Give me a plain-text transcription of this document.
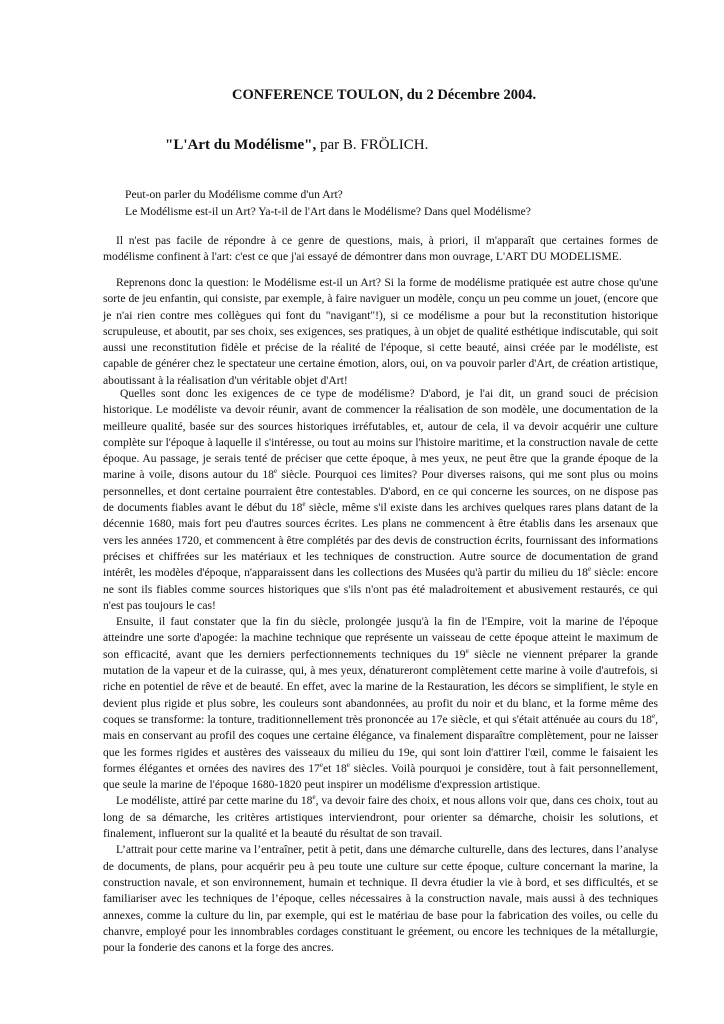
CONFERENCE TOULON, du 2 Décembre 2004.
"L'Art du Modélisme", par B. FRÖLICH.
Peut-on parler du Modélisme comme d'un Art?
Le Modélisme est-il un Art? Ya-t-il de l'Art dans le Modélisme? Dans quel Modélisme?

Il n'est pas facile de répondre à ce genre de questions, mais, à priori, il m'apparaît que certaines formes de modélisme confinent à l'art: c'est ce que j'ai essayé de démontrer dans mon ouvrage, L'ART DU MODELISME.

Reprenons donc la question: le Modélisme est-il un Art? Si la forme de modélisme pratiquée est autre chose qu'une sorte de jeu enfantin, qui consiste, par exemple, à faire naviguer un modèle, conçu un peu comme un jouet, (encore que je n'ai rien contre mes collègues qui font du "navigant"!), si ce modélisme a pour but la reconstitution historique scrupuleuse, et aboutit, par ses choix, ses exigences, ses pratiques, à un objet de qualité esthétique indiscutable, qui soit aussi une reconstitution fidèle et précise de la réalité de l'époque, si cette beauté, ainsi créée par le modéliste, est capable de générer chez le spectateur une certaine émotion, alors, oui, on va pouvoir parler d'Art, de création artistique, aboutissant à la réalisation d'un véritable objet d'Art!

Quelles sont donc les exigences de ce type de modélisme? D'abord, je l'ai dit, un grand souci de précision historique. Le modéliste va devoir réunir, avant de commencer la réalisation de son modèle, une documentation de la meilleure qualité, basée sur des sources historiques irréfutables, et, autour de cela, il va devoir acquérir une culture complète sur l'époque à laquelle il s'intéresse, ou tout au moins sur l'histoire maritime, et la construction navale de cette époque. Au passage, je serais tenté de préciser que cette époque, à mes yeux, ne peut être que la grande époque de la marine à voile, disons autour du 18e siècle. Pourquoi ces limites? Pour diverses raisons, qui me sont plus ou moins personnelles, et dont certaine pourraient être contestables. D'abord, en ce qui concerne les sources, on ne dispose pas de documents fiables avant le début du 18e siècle, même s'il existe dans les archives quelques rares plans datant de la décennie 1680, mais fort peu d'autres sources écrites. Les plans ne commencent à être établis dans les arsenaux que vers les années 1720, et commencent à être complétés par des devis de construction écrits, fournissant des informations précises et chiffrées sur les matériaux et les techniques de construction. Autre source de documentation de grand intérêt, les modèles d'époque, n'apparaissent dans les collections des Musées qu'à partir du milieu du 18e siècle: encore ne sont ils fiables comme sources historiques que s'ils n'ont pas été maladroitement et abusivement restaurés, ce qui n'est pas toujours le cas!

Ensuite, il faut constater que la fin du siècle, prolongée jusqu'à la fin de l'Empire, voit la marine de l'époque atteindre une sorte d'apogée: la machine technique que représente un vaisseau de cette époque atteint le maximum de son efficacité, avant que les derniers perfectionnements techniques du 19e siècle ne viennent préparer la grande mutation de la vapeur et de la cuirasse, qui, à mes yeux, dénatureront complètement cette marine à voile d'autrefois, si riche en potentiel de rêve et de beauté. En effet, avec la marine de la Restauration, les décors se simplifient, le style en devient plus rigide et plus sobre, les couleurs sont abandonnées, au profit du noir et du blanc, et la forme même des coques se transforme: la tonture, traditionnellement très prononcée au 17e siècle, et qui s'était atténuée au cours du 18e, mais en conservant au profil des coques une certaine élégance, va finalement disparaître complètement, pour ne laisser que les formes rigides et austères des vaisseaux du milieu du 19e, qui sont loin d'attirer l'œil, comme le faisaient les formes élégantes et ornées des navires des 17eet 18e siècles. Voilà pourquoi je considère, tout à fait personnellement, que seule la marine de l'époque 1680-1820 peut inspirer un modélisme d'expression artistique.

Le modéliste, attiré par cette marine du 18e, va devoir faire des choix, et nous allons voir que, dans ces choix, tout au long de sa démarche, les critères artistiques interviendront, pour orienter sa démarche, choisir les solutions, et finalement, influeront sur la qualité et la beauté du résultat de son travail.

L’attrait pour cette marine va l’entraîner, petit à petit, dans une démarche culturelle, dans des lectures, dans l’analyse de documents, de plans, pour acquérir peu à peu toute une culture sur cette époque, culture concernant la marine, la construction navale, et son environnement, humain et technique. Il devra étudier la vie à bord, et ses difficultés, et se familiariser avec les techniques de l’époque, celles nécessaires à la construction navale, mais aussi à des techniques annexes, comme la culture du lin, par exemple, qui est le matériau de base pour la fabrication des voiles, ou celle du chanvre, employé pour les innombrables cordages constituant le gréement, ou encore les techniques de la métallurgie, pour la fonderie des canons et la forge des ancres.
